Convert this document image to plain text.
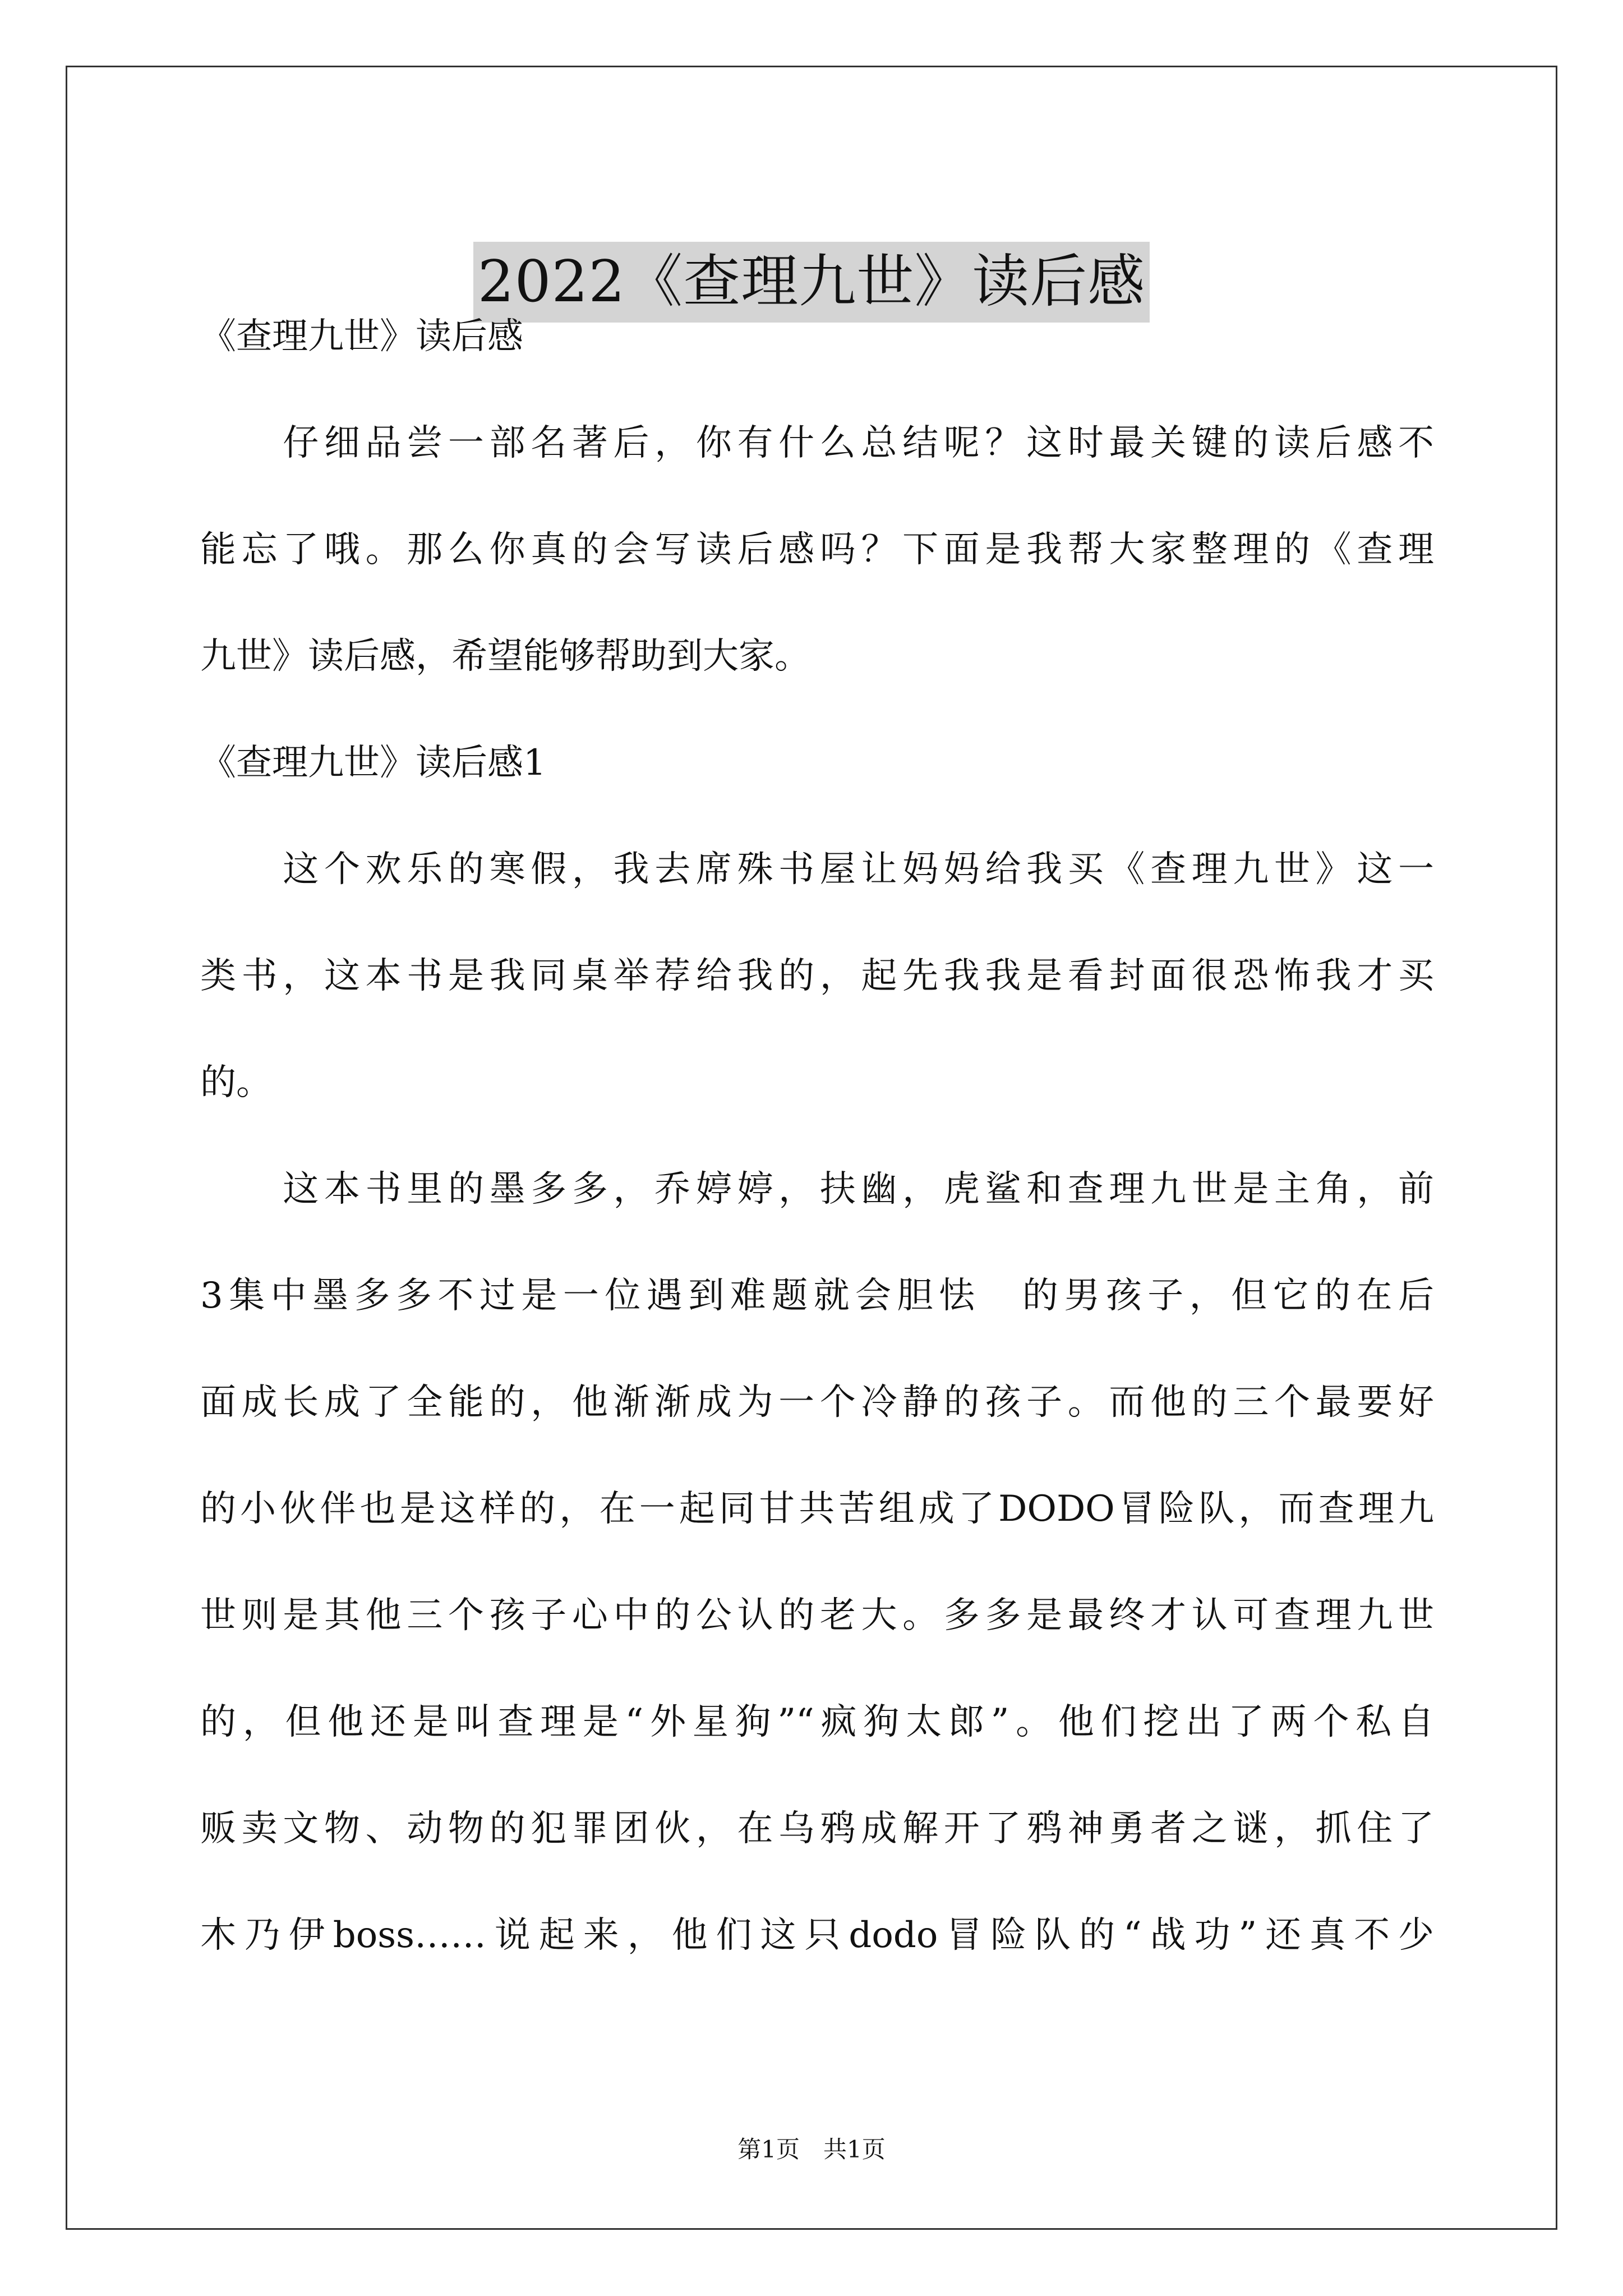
2022《查理九世》读后感
《查理九世》读后感
　　仔细品尝一部名著后，你有什么总结呢？这时最关键的读后感不
能忘了哦。那么你真的会写读后感吗？下面是我帮大家整理的《查理
九世》读后感，希望能够帮助到大家。
《查理九世》读后感1
　　这个欢乐的寒假，我去席殊书屋让妈妈给我买《查理九世》这一
类书，这本书是我同桌举荐给我的，起先我我是看封面很恐怖我才买
的。
　　这本书里的墨多多，乔婷婷，扶幽，虎鲨和查理九世是主角，前
3集中墨多多不过是一位遇到难题就会胆怯　的男孩子，但它的在后
面成长成了全能的，他渐渐成为一个冷静的孩子。而他的三个最要好
的小伙伴也是这样的，在一起同甘共苦组成了DODO冒险队，而查理九
世则是其他三个孩子心中的公认的老大。多多是最终才认可查理九世
的，但他还是叫查理是“外星狗”“疯狗太郎”。他们挖出了两个私自
贩卖文物、动物的犯罪团伙，在乌鸦成解开了鸦神勇者之谜，抓住了
木乃伊boss……说起来，他们这只dodo冒险队的“战功”还真不少
第1页　共1页
